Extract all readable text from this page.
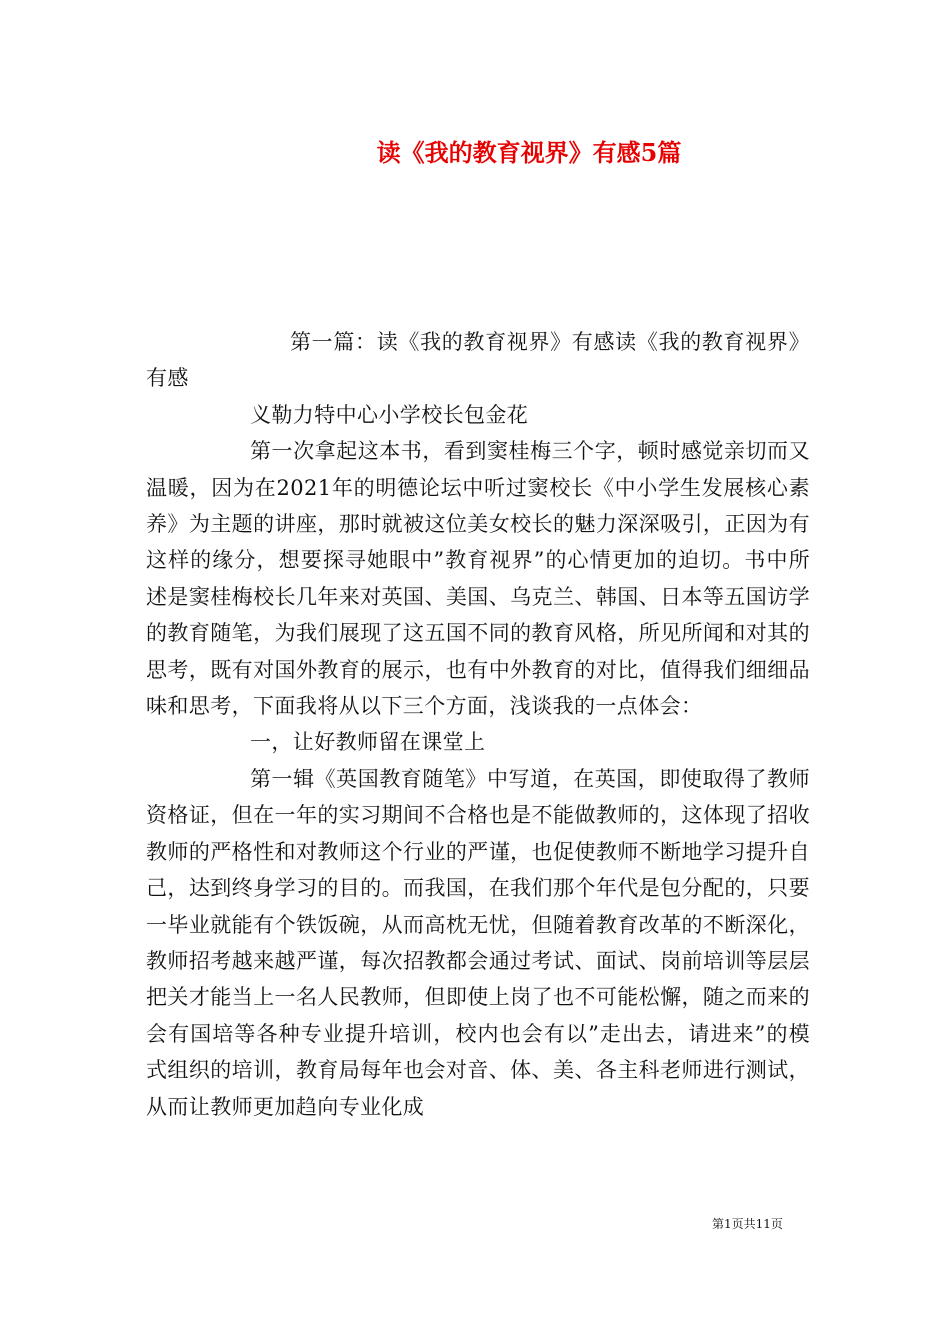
读《我的教育视界》有感5篇

第一篇：读《我的教育视界》有感读《我的教育视界》有感

义勒力特中心小学校长包金花

第一次拿起这本书，看到窦桂梅三个字，顿时感觉亲切而又温暖，因为在2021年的明德论坛中听过窦校长《中小学生发展核心素养》为主题的讲座，那时就被这位美女校长的魅力深深吸引，正因为有这样的缘分，想要探寻她眼中”教育视界”的心情更加的迫切。书中所述是窦桂梅校长几年来对英国、美国、乌克兰、韩国、日本等五国访学的教育随笔，为我们展现了这五国不同的教育风格，所见所闻和对其的思考，既有对国外教育的展示，也有中外教育的对比，值得我们细细品味和思考，下面我将从以下三个方面，浅谈我的一点体会：

一，让好教师留在课堂上

第一辑《英国教育随笔》中写道，在英国，即使取得了教师资格证，但在一年的实习期间不合格也是不能做教师的，这体现了招收教师的严格性和对教师这个行业的严谨，也促使教师不断地学习提升自己，达到终身学习的目的。而我国，在我们那个年代是包分配的，只要一毕业就能有个铁饭碗，从而高枕无忧，但随着教育改革的不断深化，教师招考越来越严谨，每次招教都会通过考试、面试、岗前培训等层层把关才能当上一名人民教师，但即使上岗了也不可能松懈，随之而来的会有国培等各种专业提升培训，校内也会有以”走出去，请进来”的模式组织的培训，教育局每年也会对音、体、美、各主科老师进行测试，从而让教师更加趋向专业化成

第1页共11页
